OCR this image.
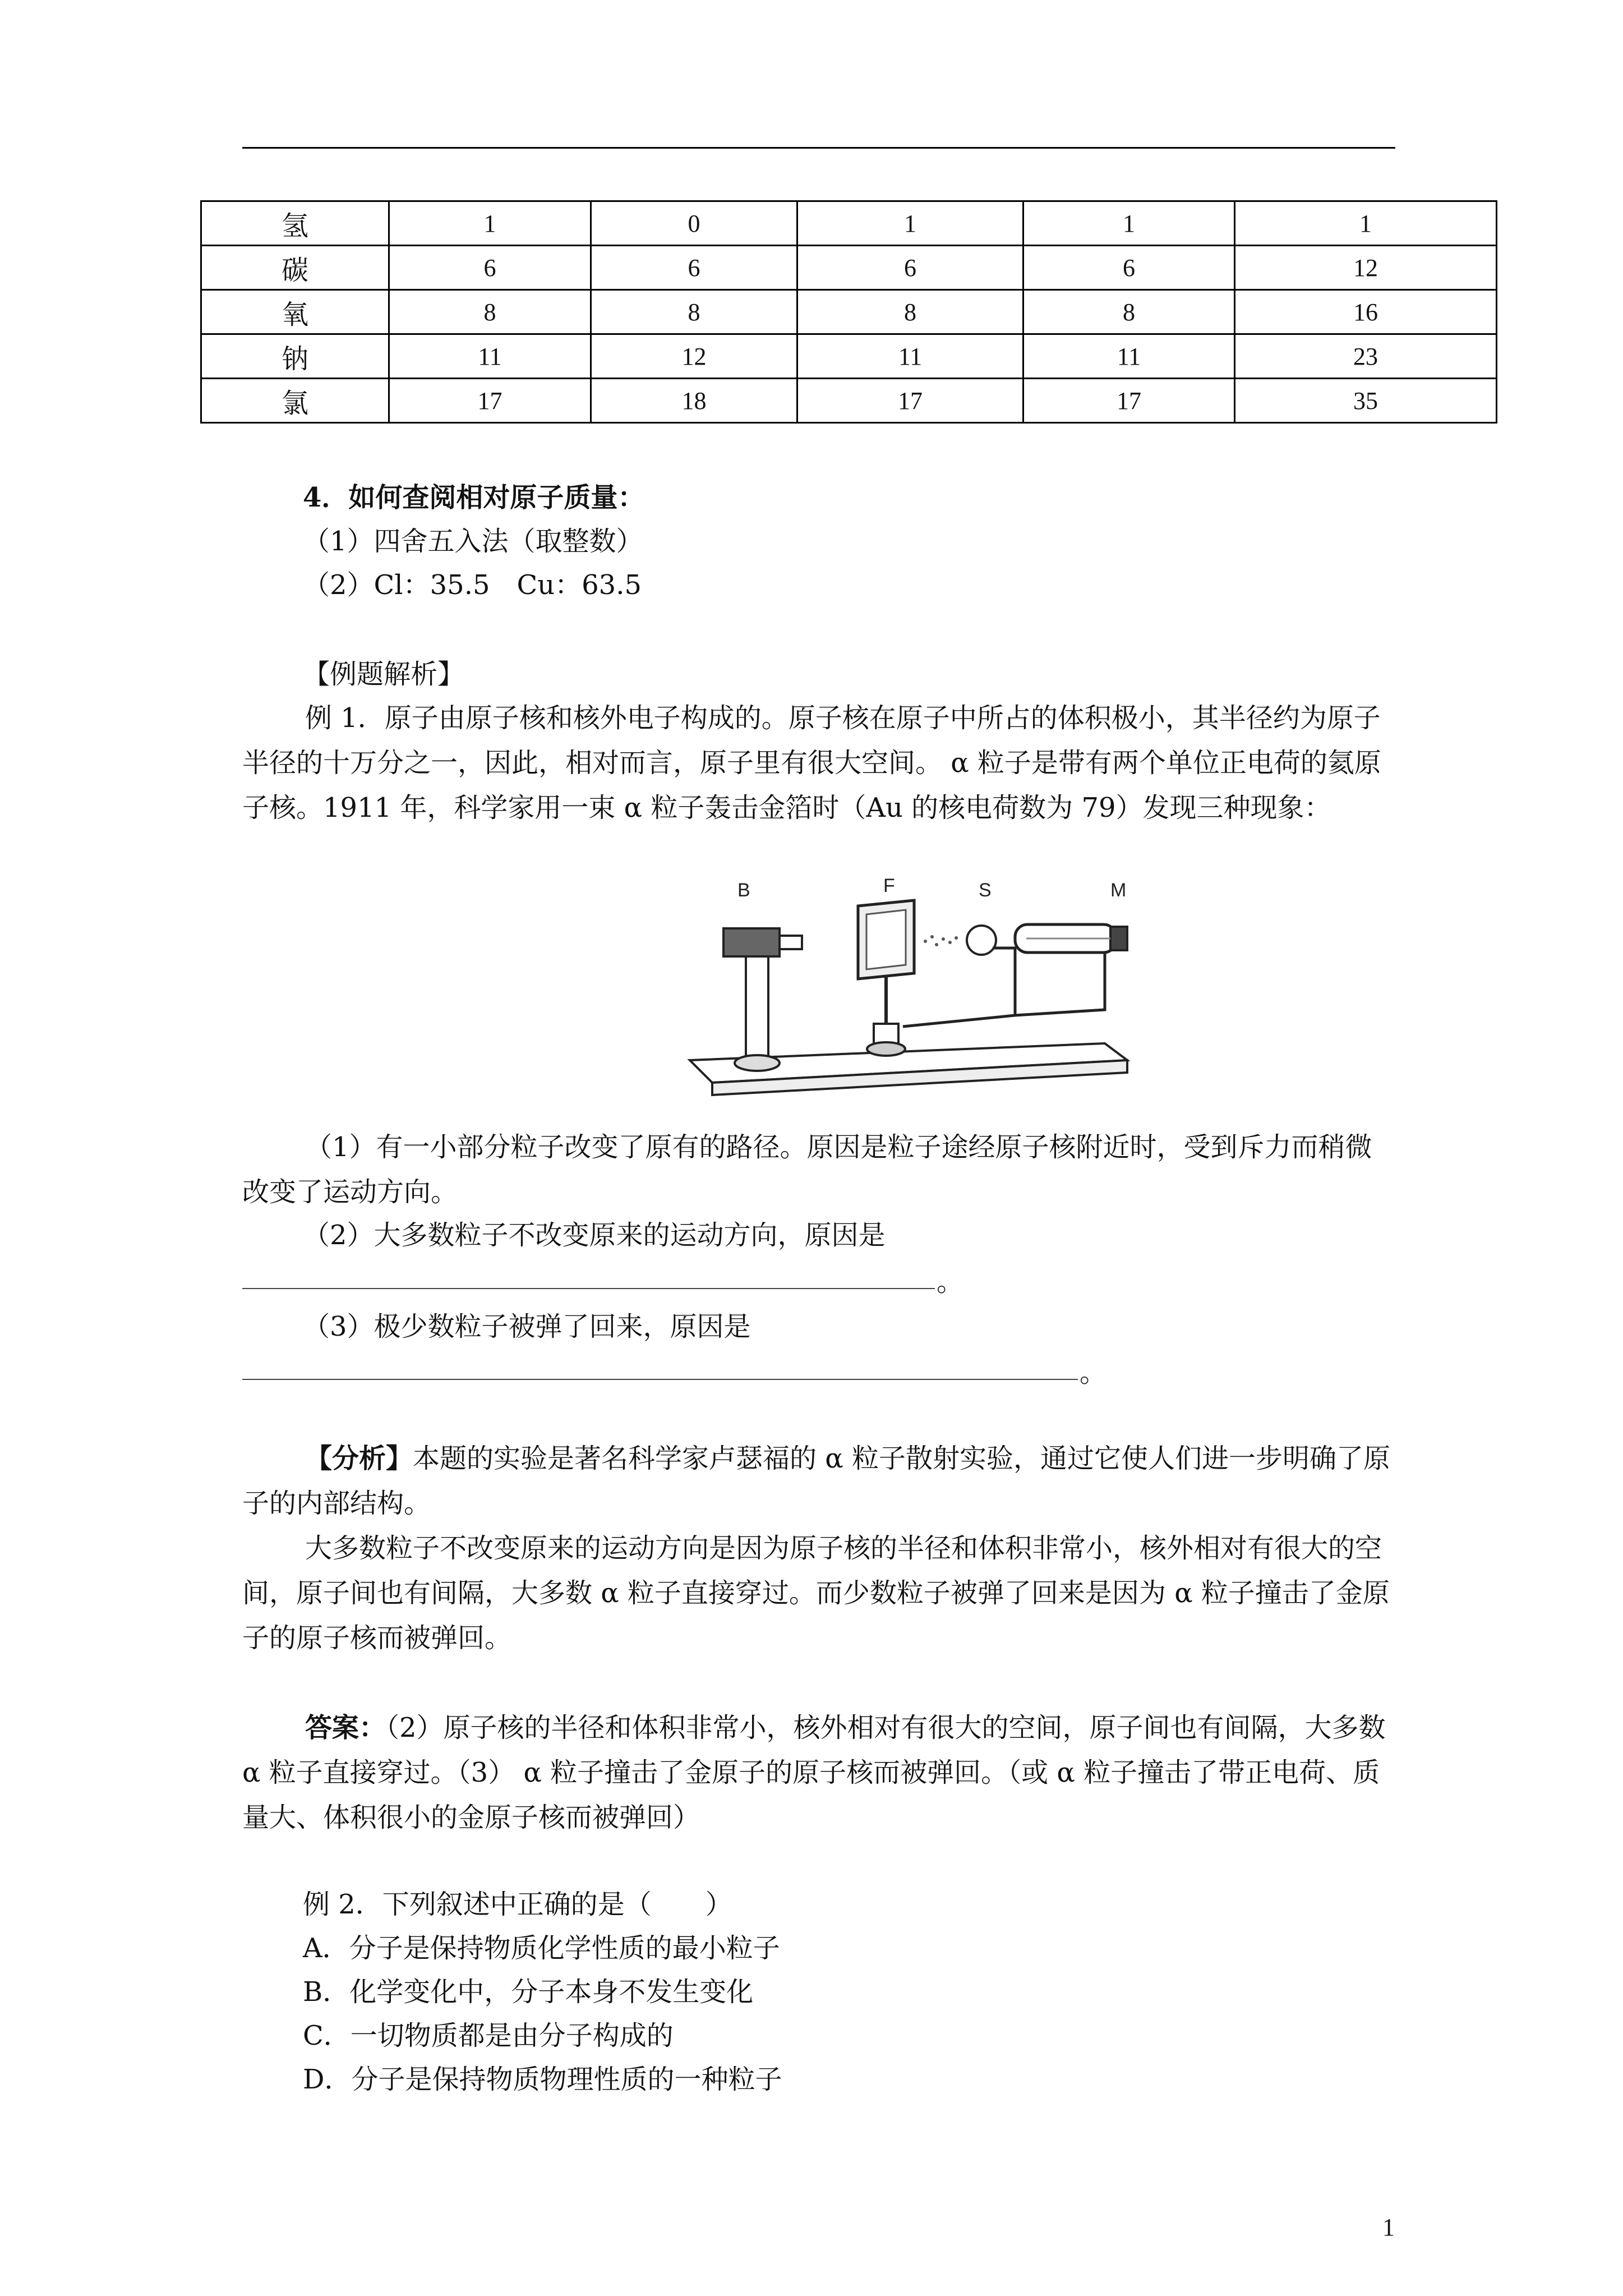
氢	1	0	1	1	1
碳	6	6	6	6	12
氧	8	8	8	8	16
钠	11	12	11	11	23
氯	17	18	17	17	35
4．如何查阅相对原子质量：
（1）四舍五入法（取整数）
（2）Cl：35.5　Cu：63.5
【例题解析】
例 1．原子由原子核和核外电子构成的。原子核在原子中所占的体积极小，其半径约为原子半径的十万分之一，因此，相对而言，原子里有很大空间。 α 粒子是带有两个单位正电荷的氦原子核。1911 年，科学家用一束 α 粒子轰击金箔时（Au 的核电荷数为 79）发现三种现象：
B	F	S	M
（1）有一小部分粒子改变了原有的路径。原因是粒子途经原子核附近时，受到斥力而稍微改变了运动方向。
（2）大多数粒子不改变原来的运动方向，原因是
。
（3）极少数粒子被弹了回来，原因是
。
【分析】本题的实验是著名科学家卢瑟福的 α 粒子散射实验，通过它使人们进一步明确了原子的内部结构。
大多数粒子不改变原来的运动方向是因为原子核的半径和体积非常小，核外相对有很大的空间，原子间也有间隔，大多数 α 粒子直接穿过。而少数粒子被弹了回来是因为 α 粒子撞击了金原子的原子核而被弹回。
答案：（2）原子核的半径和体积非常小，核外相对有很大的空间，原子间也有间隔，大多数 α 粒子直接穿过。（3） α 粒子撞击了金原子的原子核而被弹回。（或 α 粒子撞击了带正电荷、质量大、体积很小的金原子核而被弹回）
例 2．下列叙述中正确的是（　　）
A．分子是保持物质化学性质的最小粒子
B．化学变化中，分子本身不发生变化
C．一切物质都是由分子构成的
D．分子是保持物质物理性质的一种粒子
1
